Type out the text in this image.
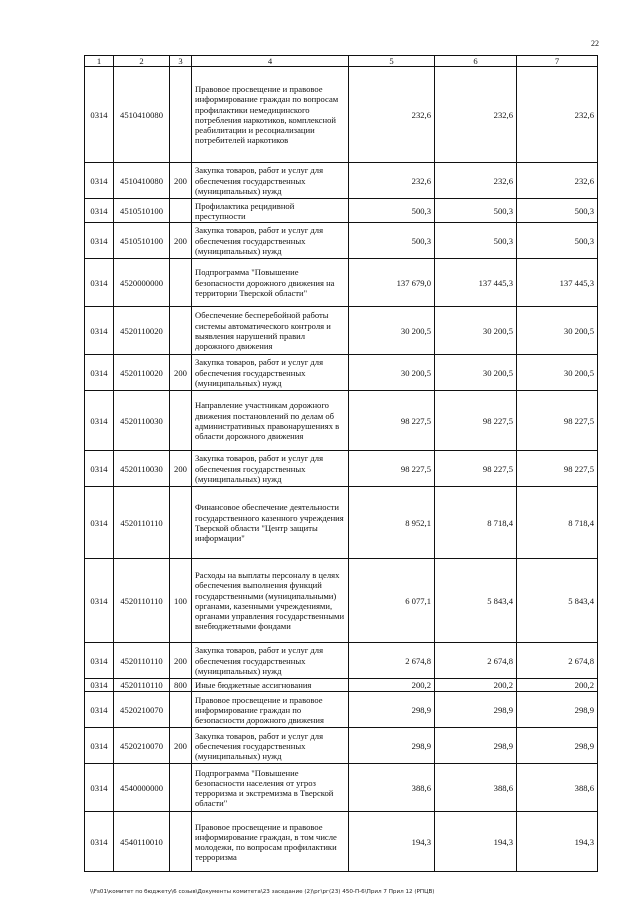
22
1	2	3	4	5	6	7
0314	4510410080		Правовое просвещение и правовое информирование граждан по вопросам профилактики немедицинского потребления наркотиков, комплексной реабилитации и ресоциализации потребителей наркотиков	232,6	232,6	232,6
0314	4510410080	200	Закупка товаров, работ и услуг для обеспечения государственных (муниципальных) нужд	232,6	232,6	232,6
0314	4510510100		Профилактика рецидивной преступности	500,3	500,3	500,3
0314	4510510100	200	Закупка товаров, работ и услуг для обеспечения государственных (муниципальных) нужд	500,3	500,3	500,3
0314	4520000000		Подпрограмма "Повышение безопасности дорожного движения на территории Тверской области"	137 679,0	137 445,3	137 445,3
0314	4520110020		Обеспечение бесперебойной работы системы автоматического контроля и выявления нарушений правил дорожного движения	30 200,5	30 200,5	30 200,5
0314	4520110020	200	Закупка товаров, работ и услуг для обеспечения государственных (муниципальных) нужд	30 200,5	30 200,5	30 200,5
0314	4520110030		Направление участникам дорожного движения постановлений по делам об административных правонарушениях в области дорожного движения	98 227,5	98 227,5	98 227,5
0314	4520110030	200	Закупка товаров, работ и услуг для обеспечения государственных (муниципальных) нужд	98 227,5	98 227,5	98 227,5
0314	4520110110		Финансовое обеспечение деятельности государственного казенного учреждения Тверской области "Центр защиты информации"	8 952,1	8 718,4	8 718,4
0314	4520110110	100	Расходы на выплаты персоналу в целях обеспечения выполнения функций государственными (муниципальными) органами, казенными учреждениями, органами управления государственными внебюджетными фондами	6 077,1	5 843,4	5 843,4
0314	4520110110	200	Закупка товаров, работ и услуг для обеспечения государственных (муниципальных) нужд	2 674,8	2 674,8	2 674,8
0314	4520110110	800	Иные бюджетные ассигнования	200,2	200,2	200,2
0314	4520210070		Правовое просвещение и правовое информирование граждан по безопасности дорожного движения	298,9	298,9	298,9
0314	4520210070	200	Закупка товаров, работ и услуг для обеспечения государственных (муниципальных) нужд	298,9	298,9	298,9
0314	4540000000		Подпрограмма "Повышение безопасности населения от угроз терроризма и экстремизма в Тверской области"	388,6	388,6	388,6
0314	4540110010		Правовое просвещение и правовое информирование граждан, в том числе молодежи, по вопросам профилактики терроризма	194,3	194,3	194,3
\\Fs01\комитет по бюджету\6 созыв\Документы комитета\23 заседание (2)\рг\рг(23) 450-П-6\Прил 7 Прил 12 (РПЦВ)
